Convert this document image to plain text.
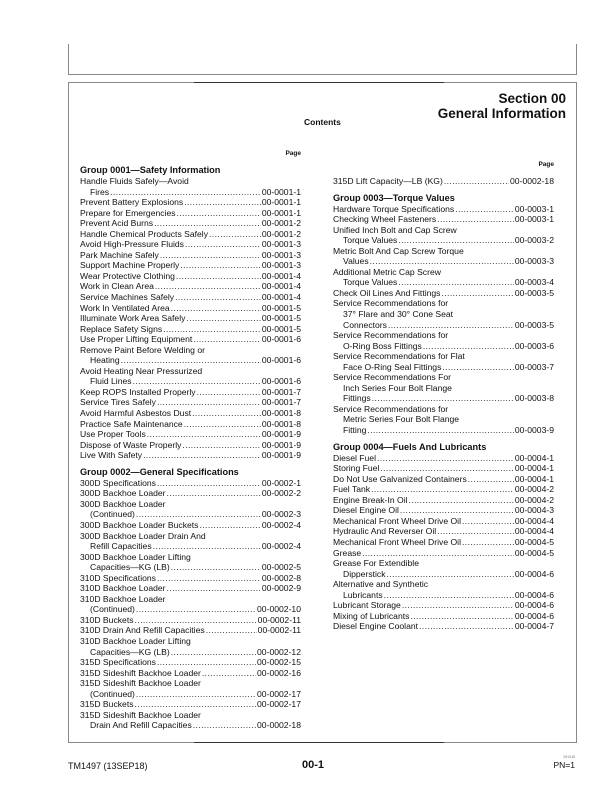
Section 00
General Information
Contents
Page
Group 0001—Safety Information
Handle Fluids Safely—Avoid
Fires .....	00-0001-1
Prevent Battery Explosions .....	00-0001-1
Prepare for Emergencies .....	00-0001-1
Prevent Acid Burns .....	00-0001-2
Handle Chemical Products Safely .....	00-0001-2
Avoid High-Pressure Fluids .....	00-0001-3
Park Machine Safely .....	00-0001-3
Support Machine Properly .....	00-0001-3
Wear Protective Clothing .....	00-0001-4
Work in Clean Area .....	00-0001-4
Service Machines Safely .....	00-0001-4
Work In Ventilated Area .....	00-0001-5
Illuminate Work Area Safely .....	00-0001-5
Replace Safety Signs .....	00-0001-5
Use Proper Lifting Equipment .....	00-0001-6
Remove Paint Before Welding or
Heating .....	00-0001-6
Avoid Heating Near Pressurized
Fluid Lines .....	00-0001-6
Keep ROPS Installed Properly .....	00-0001-7
Service Tires Safely .....	00-0001-7
Avoid Harmful Asbestos Dust .....	00-0001-8
Practice Safe Maintenance .....	00-0001-8
Use Proper Tools .....	00-0001-9
Dispose of Waste Properly .....	00-0001-9
Live With Safety .....	00-0001-9
Group 0002—General Specifications
300D Specifications .....	00-0002-1
300D Backhoe Loader .....	00-0002-2
300D Backhoe Loader
(Continued) .....	00-0002-3
300D Backhoe Loader Buckets .....	00-0002-4
300D Backhoe Loader Drain And
Refill Capacities .....	00-0002-4
300D Backhoe Loader Lifting
Capacities—KG (LB) .....	00-0002-5
310D Specifications .....	00-0002-8
310D Backhoe Loader .....	00-0002-9
310D Backhoe Loader
(Continued) .....	00-0002-10
310D Buckets .....	00-0002-11
310D Drain And Refill Capacities .....	00-0002-11
310D Backhoe Loader Lifting
Capacities—KG (LB) .....	00-0002-12
315D Specifications .....	00-0002-15
315D Sideshift Backhoe Loader .....	00-0002-16
315D Sideshift Backhoe Loader
(Continued) .....	00-0002-17
315D Buckets .....	00-0002-17
315D Sideshift Backhoe Loader
Drain And Refill Capacities .....	00-0002-18
Page
315D Lift Capacity—LB (KG) .....	00-0002-18
Group 0003—Torque Values
Hardware Torque Specifications .....	00-0003-1
Checking Wheel Fasteners .....	00-0003-1
Unified Inch Bolt and Cap Screw
Torque Values .....	00-0003-2
Metric Bolt And Cap Screw Torque
Values .....	00-0003-3
Additional Metric Cap Screw
Torque Values .....	00-0003-4
Check Oil Lines And Fittings .....	00-0003-5
Service Recommendations for
37° Flare and 30° Cone Seat
Connectors .....	00-0003-5
Service Recommendations for
O-Ring Boss Fittings .....	00-0003-6
Service Recommendations for Flat
Face O-Ring Seal Fittings .....	00-0003-7
Service Recommendations For
Inch Series Four Bolt Flange
Fittings .....	00-0003-8
Service Recommendations for
Metric Series Four Bolt Flange
Fitting .....	00-0003-9
Group 0004—Fuels And Lubricants
Diesel Fuel .....	00-0004-1
Storing Fuel .....	00-0004-1
Do Not Use Galvanized Containers .....	00-0004-1
Fuel Tank .....	00-0004-2
Engine Break-In Oil .....	00-0004-2
Diesel Engine Oil .....	00-0004-3
Mechanical Front Wheel Drive Oil .....	00-0004-4
Hydraulic And Reverser Oil .....	00-0004-4
Mechanical Front Wheel Drive Oil .....	00-0004-5
Grease .....	00-0004-5
Grease For Extendible
Dipperstick .....	00-0004-6
Alternative and Synthetic
Lubricants .....	00-0004-6
Lubricant Storage .....	00-0004-6
Mixing of Lubricants .....	00-0004-6
Diesel Engine Coolant .....	00-0004-7
TM1497 (13SEP18)	00-1
091318
PN=1
